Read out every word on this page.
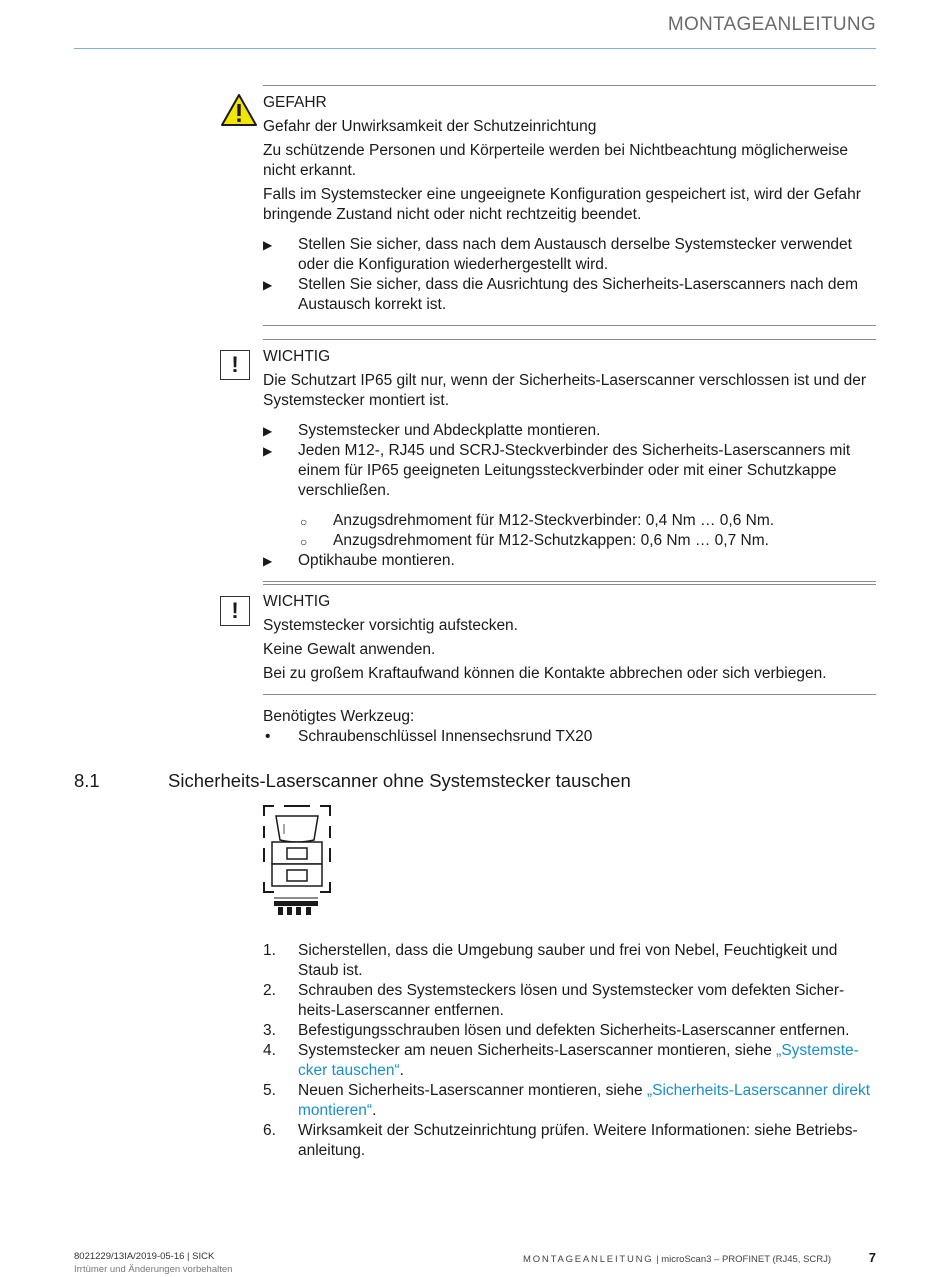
MONTAGEANLEITUNG

GEFAHR

Gefahr der Unwirksamkeit der Schutzeinrichtung

Zu schützende Personen und Körperteile werden bei Nichtbeachtung möglicherweise nicht erkannt.

Falls im Systemstecker eine ungeeignete Konfiguration gespeichert ist, wird der Gefahr bringende Zustand nicht oder nicht rechtzeitig beendet.

▶ Stellen Sie sicher, dass nach dem Austausch derselbe Systemstecker verwendet oder die Konfiguration wiederhergestellt wird.
▶ Stellen Sie sicher, dass die Ausrichtung des Sicherheits-Laserscanners nach dem Austausch korrekt ist.
!	WICHTIG

Die Schutzart IP65 gilt nur, wenn der Sicherheits-Laserscanner verschlossen ist und der Systemstecker montiert ist.

▶ Systemstecker und Abdeckplatte montieren.
▶ Jeden M12-, RJ45 und SCRJ-Steckverbinder des Sicherheits-Laserscanners mit einem für IP65 geeigneten Leitungssteckverbinder oder mit einer Schutzkappe verschließen.
○ Anzugsdrehmoment für M12-Steckverbinder: 0,4 Nm … 0,6 Nm.
○ Anzugsdrehmoment für M12-Schutzkappen: 0,6 Nm … 0,7 Nm.
▶ Optikhaube montieren.
!	WICHTIG

Systemstecker vorsichtig aufstecken.

Keine Gewalt anwenden.

Bei zu großem Kraftaufwand können die Kontakte abbrechen oder sich verbiegen.

Benötigtes Werkzeug:

• Schraubenschlüssel Innensechsrund TX20
8.1	Sicherheits-Laserscanner ohne Systemstecker tauschen
1. Sicherstellen, dass die Umgebung sauber und frei von Nebel, Feuchtigkeit und Staub ist.
2. Schrauben des Systemsteckers lösen und Systemstecker vom defekten Sicher-heits-Laserscanner entfernen.
3. Befestigungsschrauben lösen und defekten Sicherheits-Laserscanner entfernen.
4. Systemstecker am neuen Sicherheits-Laserscanner montieren, siehe „Systemste-cker tauschen“.
5. Neuen Sicherheits-Laserscanner montieren, siehe „Sicherheits-Laserscanner direkt montieren“.
6. Wirksamkeit der Schutzeinrichtung prüfen. Weitere Informationen: siehe Betriebs-anleitung.
8021229/13IA/2019-05-16 | SICK
Irrtümer und Änderungen vorbehalten
MONTAGEANLEITUNG | microScan3 – PROFINET (RJ45, SCRJ)	7
